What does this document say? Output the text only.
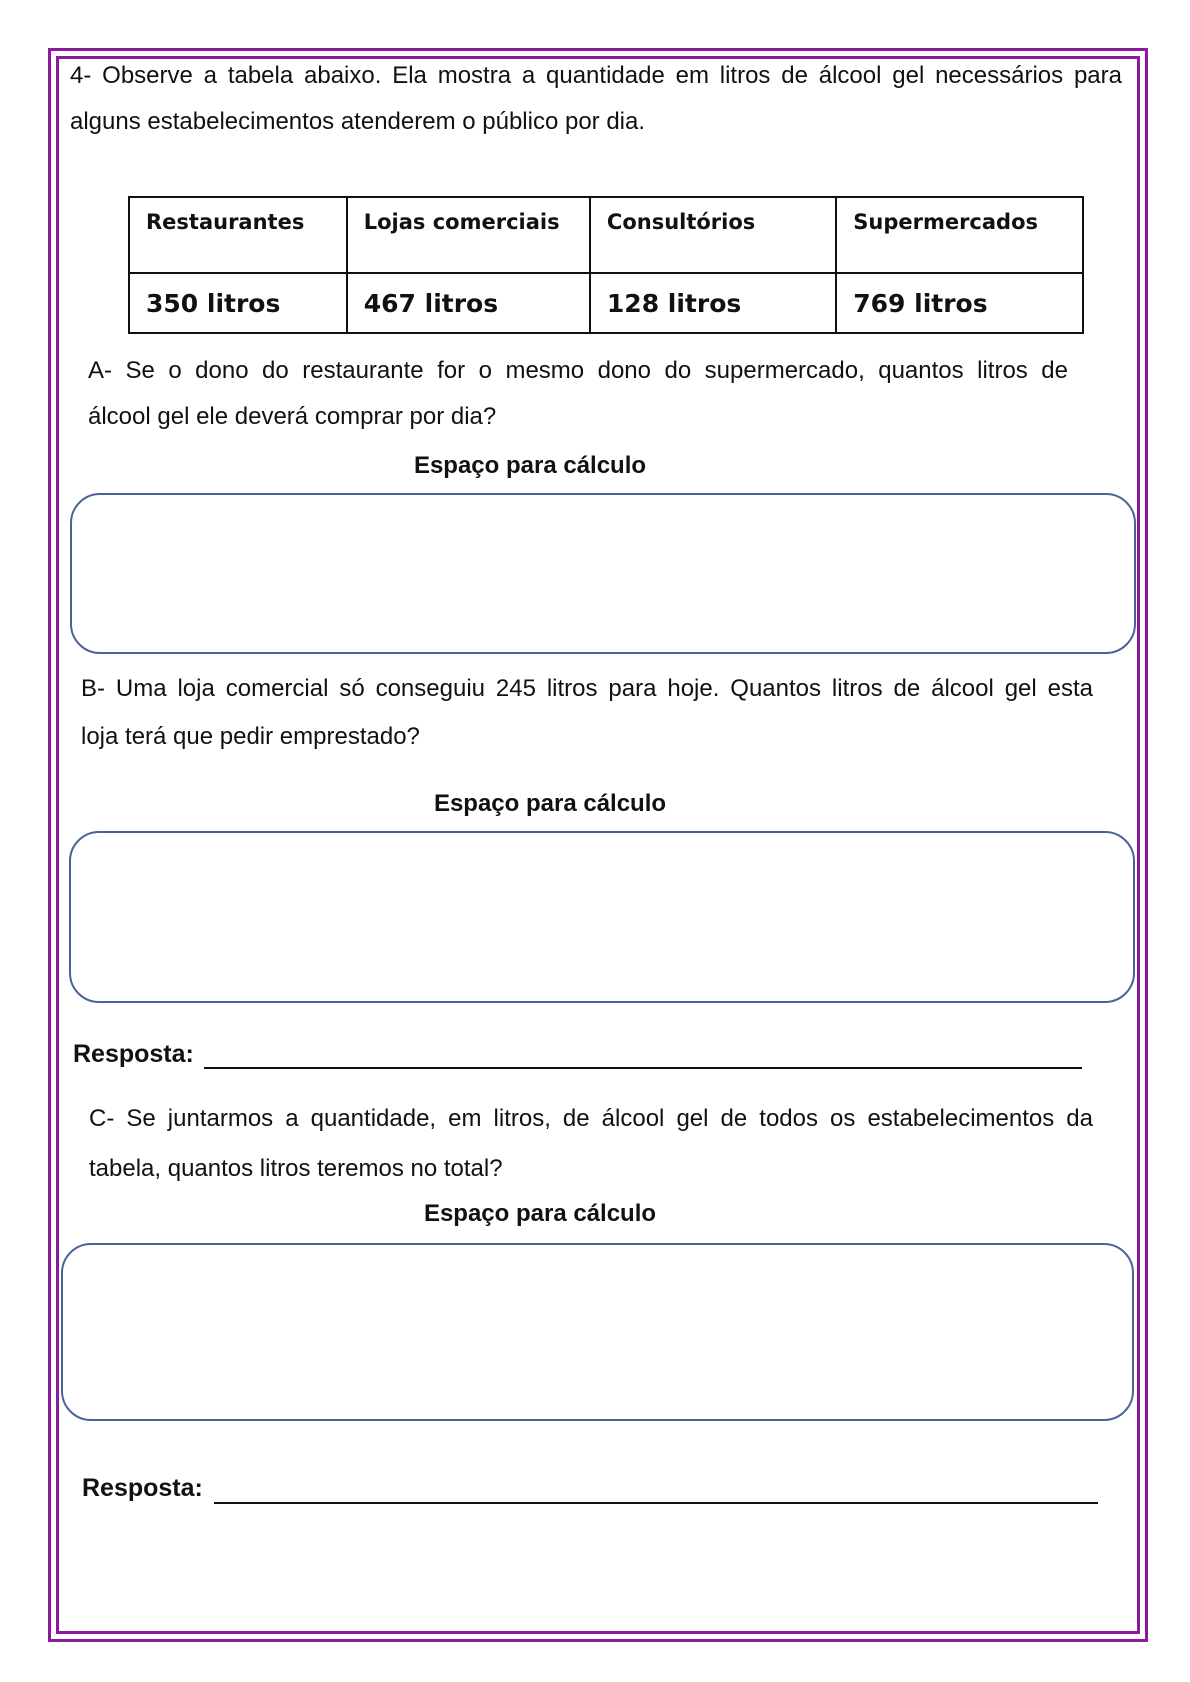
4- Observe a tabela abaixo. Ela mostra a quantidade em litros de álcool gel necessários para
alguns estabelecimentos atenderem o público por dia.
Restaurantes	Lojas comerciais	Consultórios	Supermercados
350 litros	467 litros	128 litros	769 litros
A- Se o dono do restaurante for o mesmo dono do supermercado, quantos litros de
álcool gel ele deverá comprar por dia?
Espaço para cálculo
B- Uma loja comercial só conseguiu 245 litros para hoje. Quantos litros de álcool gel esta
loja terá que pedir emprestado?
Espaço para cálculo
Resposta:
C- Se juntarmos a quantidade, em litros, de álcool gel de todos os estabelecimentos da
tabela, quantos litros teremos no total?
Espaço para cálculo
Resposta:
